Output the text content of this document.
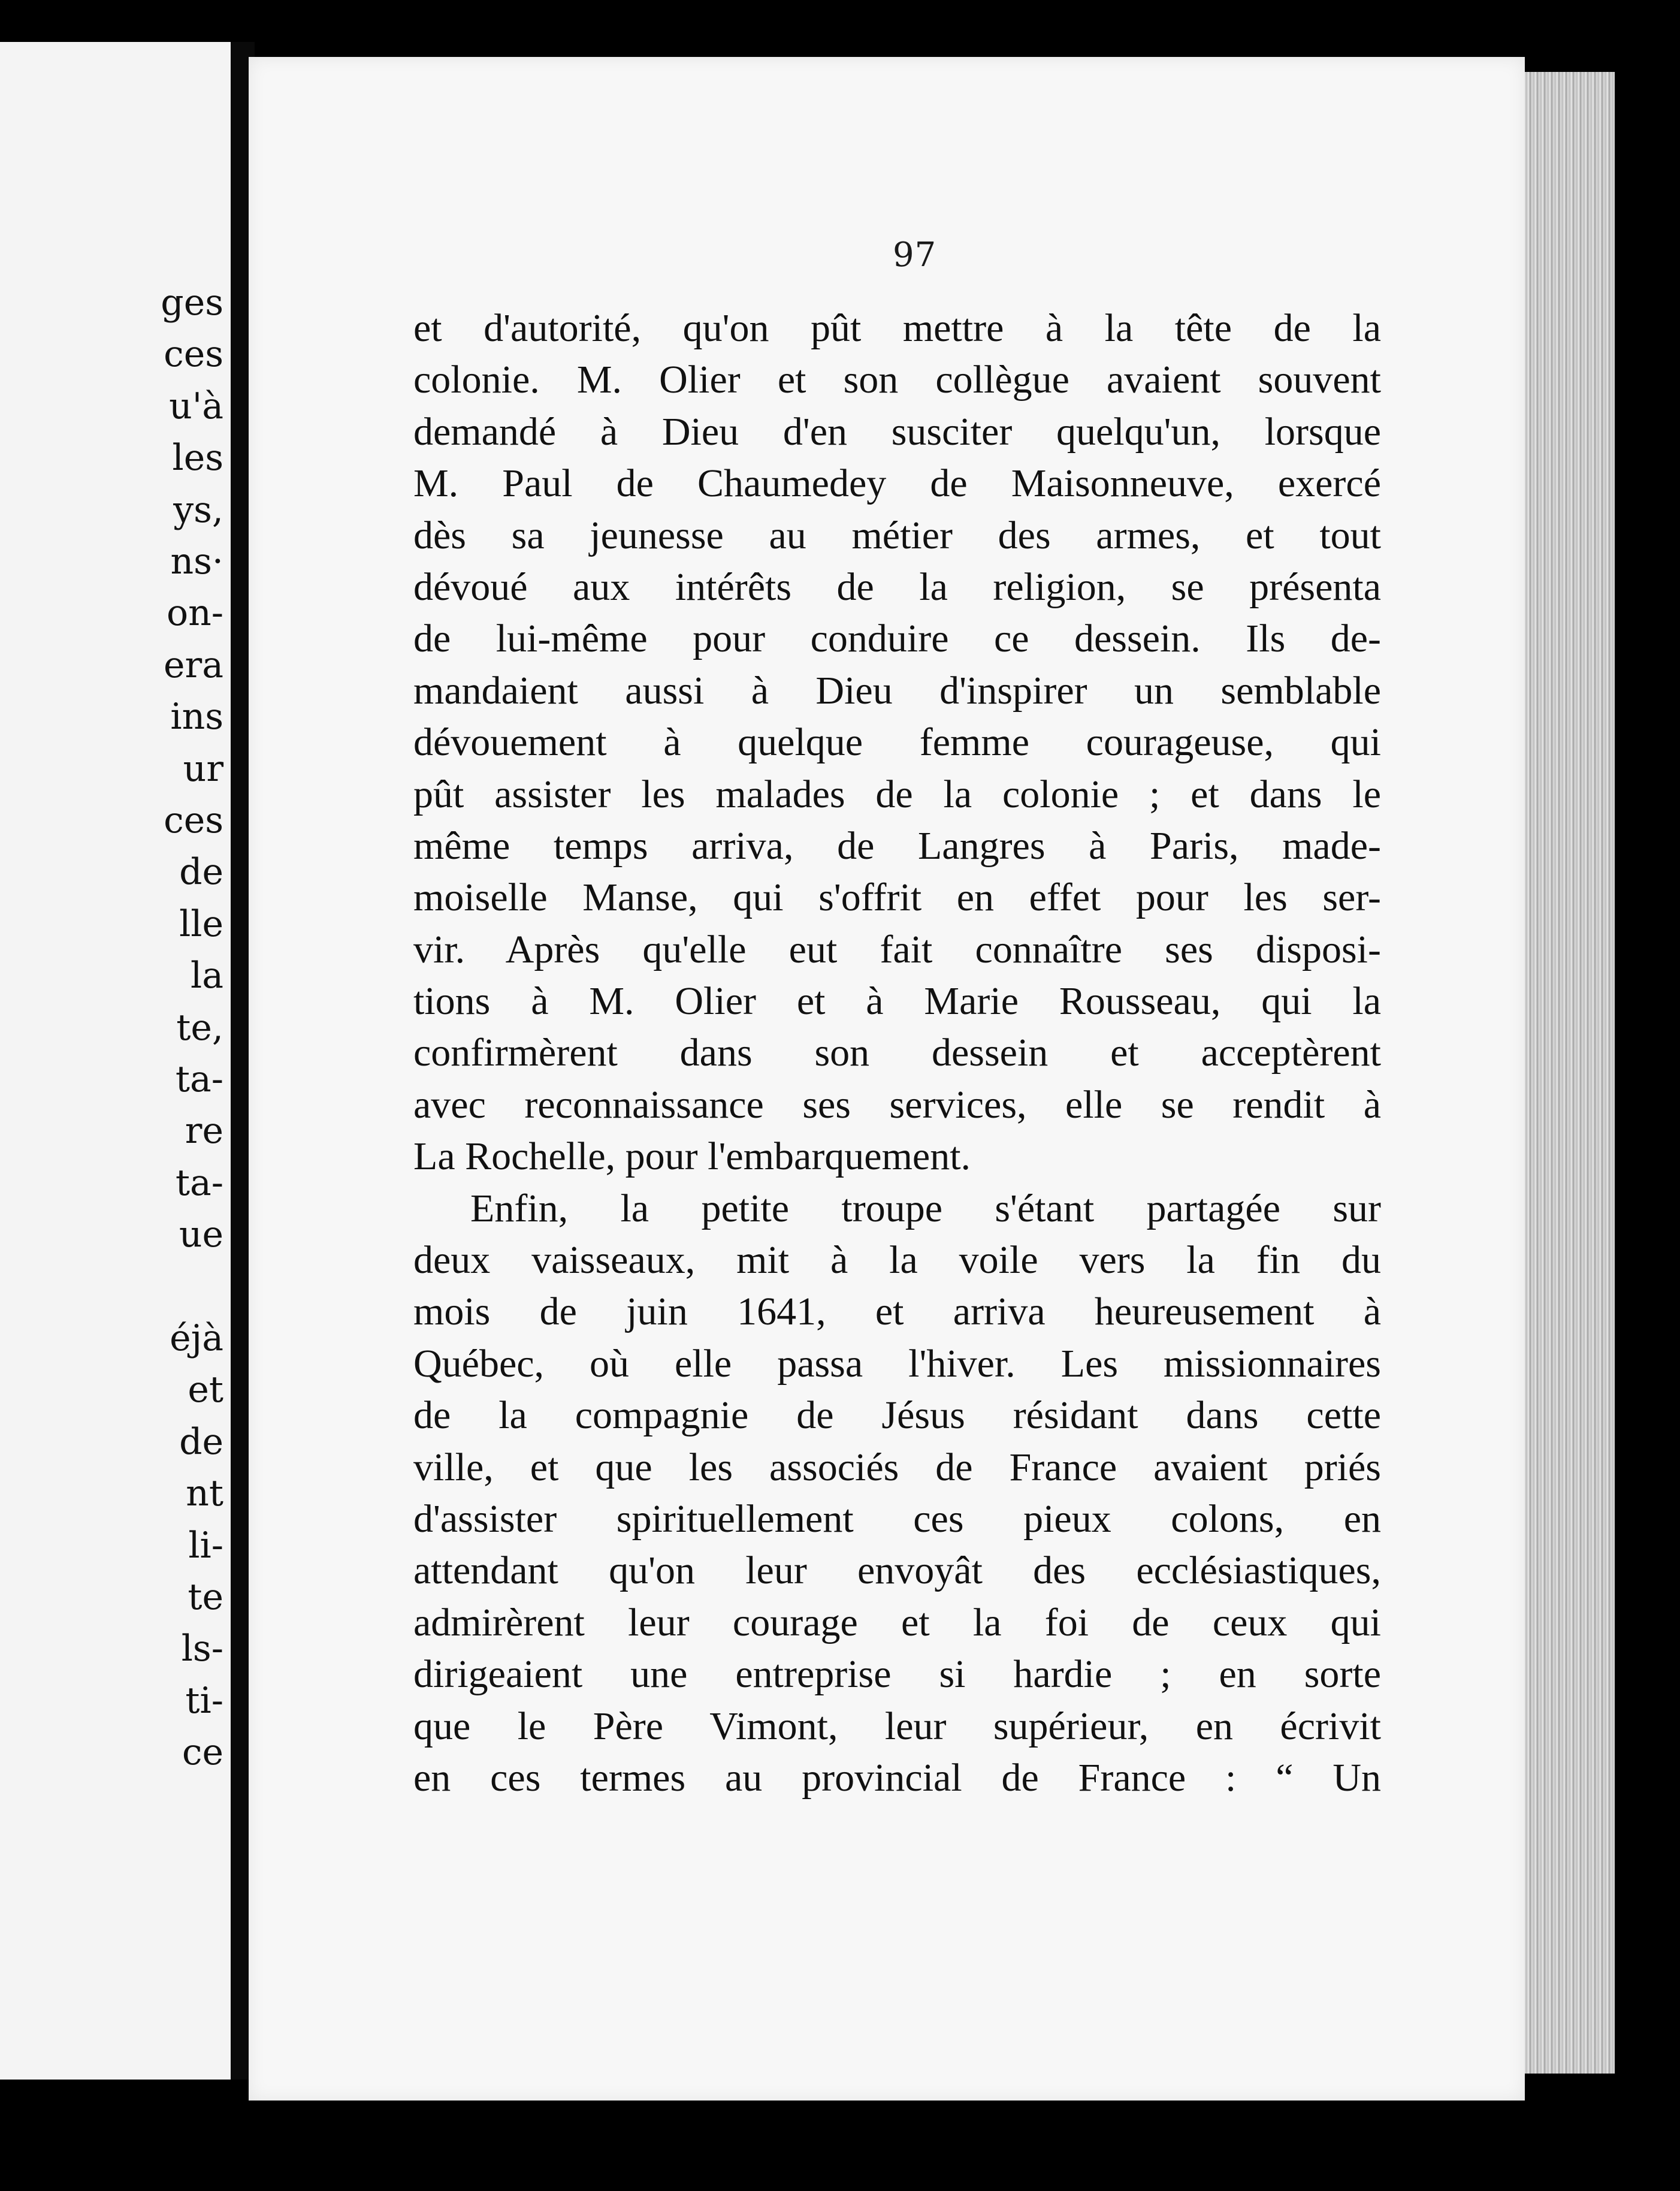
ges
ces
u'à
les
ys,
ns·
on-
era
ins
ur
ces
de
lle
la
te,
ta-
re
ta-
ue
éjà
et
de
nt
li-
te
ls-
ti-
ce
97
et d'autorité, qu'on pût mettre à la tête de la
colonie. M. Olier et son collègue avaient souvent
demandé à Dieu d'en susciter quelqu'un, lorsque
M. Paul de Chaumedey de Maisonneuve, exercé
dès sa jeunesse au métier des armes, et tout
dévoué aux intérêts de la religion, se présenta
de lui-même pour conduire ce dessein. Ils de-
mandaient aussi à Dieu d'inspirer un semblable
dévouement à quelque femme courageuse, qui
pût assister les malades de la colonie ; et dans le
même temps arriva, de Langres à Paris, made-
moiselle Manse, qui s'offrit en effet pour les ser-
vir. Après qu'elle eut fait connaître ses disposi-
tions à M. Olier et à Marie Rousseau, qui la
confirmèrent dans son dessein et acceptèrent
avec reconnaissance ses services, elle se rendit à
La Rochelle, pour l'embarquement.
Enfin, la petite troupe s'étant partagée sur
deux vaisseaux, mit à la voile vers la fin du
mois de juin 1641, et arriva heureusement à
Québec, où elle passa l'hiver. Les missionnaires
de la compagnie de Jésus résidant dans cette
ville, et que les associés de France avaient priés
d'assister spirituellement ces pieux colons, en
attendant qu'on leur envoyât des ecclésiastiques,
admirèrent leur courage et la foi de ceux qui
dirigeaient une entreprise si hardie ; en sorte
que le Père Vimont, leur supérieur, en écrivit
en ces termes au provincial de France : “ Un
